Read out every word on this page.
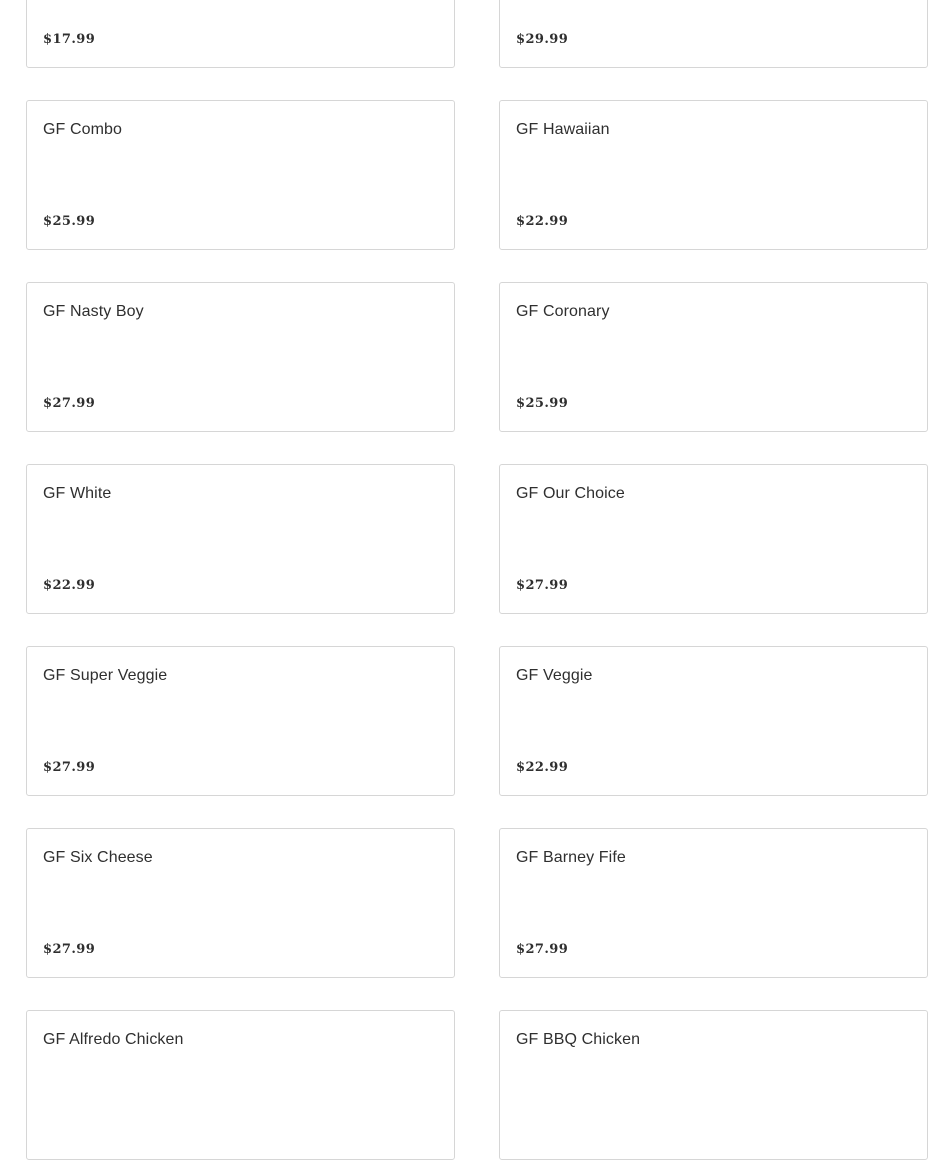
$17.99	$29.99
GF Combo
$25.99
GF Hawaiian
$22.99
GF Nasty Boy
$27.99
GF Coronary
$25.99
GF White
$22.99
GF Our Choice
$27.99
GF Super Veggie
$27.99
GF Veggie
$22.99
GF Six Cheese
$27.99
GF Barney Fife
$27.99
GF Alfredo Chicken	GF BBQ Chicken
